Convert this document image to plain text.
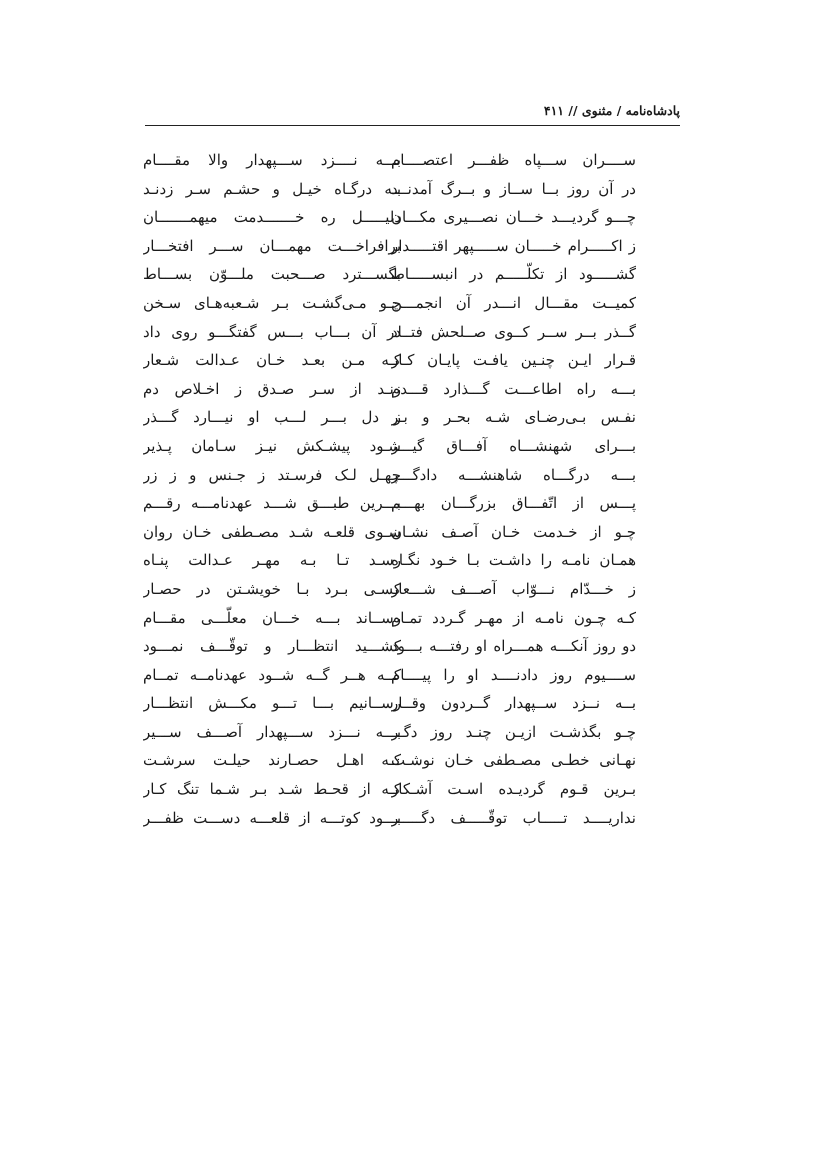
پادشاه‌نامه / مثنوی // ۴۱۱
ســــران ســـپاه ظفـــر اعتصــــام
بـــه نــــزد ســـپهدار والا مقــــام
در آن روز بــا ســاز و بــرگ آمدنــد
بـه درگـاه خیـل و حشـم سـر زدنـد
چـــو گردیـــد خـــان نصـــیری مکـــان
دلیـــــل ره خـــــــدمت میهمـــــــان
ز اکـــــرام خـــــان ســـــپهر اقتـــــدار
برافراخـــت مهمـــان ســـر افتخـــار
گشـــــود از تکلّـــــم در انبســـــاط
بگســـترد صـــحبت ملـــوّن بســـاط
کمیــت مقـــال انـــدر آن انجمـــن
چـو مـی‌گشـت بـر شـعبه‌هـای سـخن
گــذر بــر ســر کــوی صــلحش فتــاد
در آن بـــاب بـــس گفتگـــو روی داد
قـرار ایـن چنـین یافـت پایـان کـار
کـه مـن بعـد خـان عـدالت شـعار
بـــه راه اطاعـــت گـــذارد قـــدم
زنـد از سـر صـدق ز اخـلاص دم
نفـس بـی‌رضـای شـه بحـر و بـر
ز دل بـــر لـــب او نیـــارد گـــذر
بـــرای شهنشـــاه آفـــاق گیـــر
شـود پیشـکش نیـز سـامان پـذیر
بـــه درگـــاه شاهنشـــه دادگـــر
چهـل لـک فرسـتد ز جـنس و ز زر
پـــس از اتّفـــاق بزرگـــان بهـــم
بـــرین طبـــق شـــد عهدنامـــه رقـــم
چـو از خـدمت خـان آصـف نشـان
سـوی قلعـه شـد مصـطفی خـان روان
همـان نامـه را داشـت بـا خـود نگـاه
رسـد تـا بـه مهـر عـدالت پنـاه
ز خـــدّام نـــوّاب آصـــف شـــعار
کسـی بـرد بـا خویشـتن در حصـار
کـه چـون نامـه از مهـر گـردد تمـام
رســاند بـــه خـــان معلّـــی مقـــام
دو روز آنکـــه همـــراه او رفتـــه بـــود
کشـــید انتظـــار و توقّـــف نمـــود
ســــیوم روز دادنــــد او را پیــــام
کــه هــر گــه شــود عهدنامــه تمــام
بــه نــزد ســپهدار گــردون وقــار
رســانیم بـــا تـــو مکـــش انتظـــار
چـو بگذشـت ازیـن چنـد روز دگـر
بـــه نـــزد ســـپهدار آصـــف ســـیر
نهـانی خطـی مصـطفی خـان نوشـت
کـه اهـل حصـارند حیلـت سرشـت
بـرین قـوم گردیـده اسـت آشـکار
کـه از قحـط شـد بـر شـما تنگ کـار
نداریــــد تـــــاب توقّـــــف دگـــــر
بـــود کوتـــه از قلعـــه دســـت ظفـــر
